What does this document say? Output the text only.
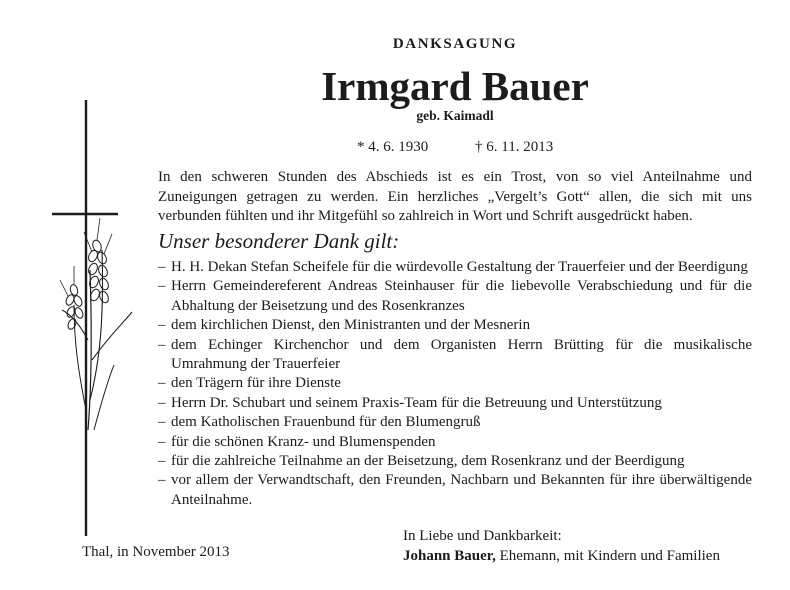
DANKSAGUNG
Irmgard Bauer
geb. Kaimadl
* 4. 6. 1930	† 6. 11. 2013
In den schweren Stunden des Abschieds ist es ein Trost, von so viel Anteilnahme und Zuneigungen getragen zu werden. Ein herzliches „Vergelt’s Gott“ allen, die sich mit uns verbunden fühlten und ihr Mitgefühl so zahlreich in Wort und Schrift ausgedrückt haben.
Unser besonderer Dank gilt:
– H. H. Dekan Stefan Scheifele für die würdevolle Gestaltung der Trauerfeier und der Beerdigung
– Herrn Gemeindereferent Andreas Steinhauser für die liebevolle Verabschiedung und für die Abhaltung der Beisetzung und des Rosenkranzes
– dem kirchlichen Dienst, den Ministranten und der Mesnerin
– dem Echinger Kirchenchor und dem Organisten Herrn Brütting für die musikalische Umrahmung der Trauerfeier
– den Trägern für ihre Dienste
– Herrn Dr. Schubart und seinem Praxis-Team für die Betreuung und Unterstützung
– dem Katholischen Frauenbund für den Blumengruß
– für die schönen Kranz- und Blumenspenden
– für die zahlreiche Teilnahme an der Beisetzung, dem Rosenkranz und der Beerdigung
– vor allem der Verwandtschaft, den Freunden, Nachbarn und Bekannten für ihre überwältigende Anteilnahme.
Thal, in November 2013
In Liebe und Dankbarkeit:
Johann Bauer, Ehemann, mit Kindern und Familien
